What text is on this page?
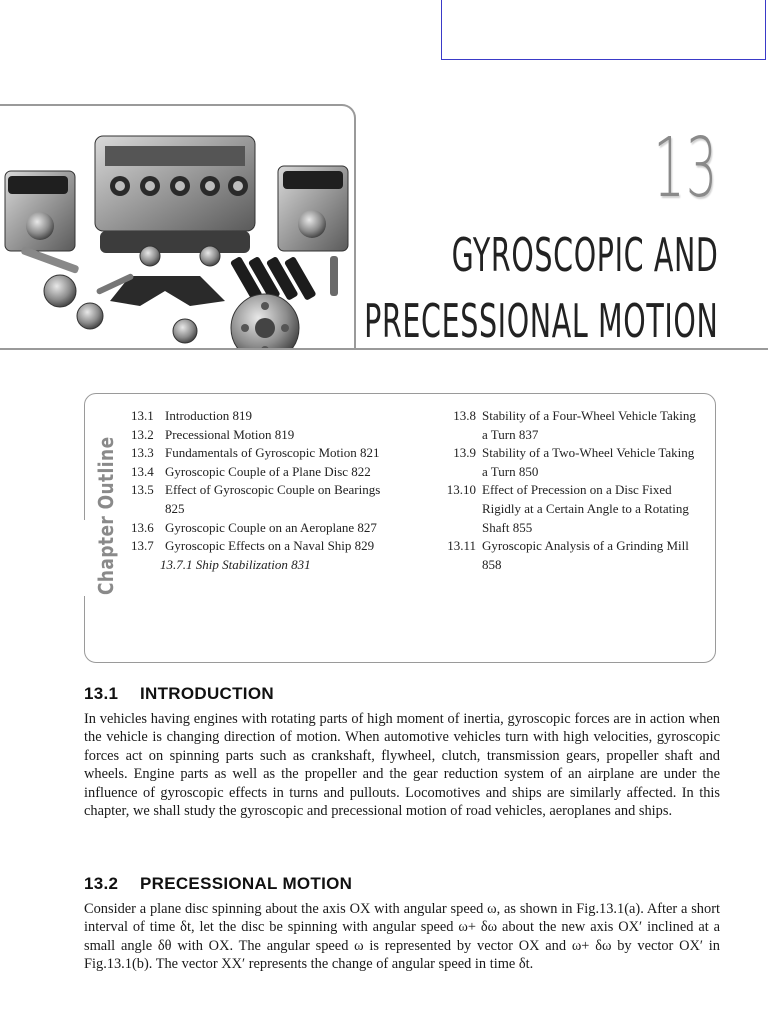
13
GYROSCOPIC AND
PRECESSIONAL MOTION
Chapter Outline
13.1 Introduction 819
13.2 Precessional Motion 819
13.3 Fundamentals of Gyroscopic Motion 821
13.4 Gyroscopic Couple of a Plane Disc 822
13.5 Effect of Gyroscopic Couple on Bearings 825
13.6 Gyroscopic Couple on an Aeroplane 827
13.7 Gyroscopic Effects on a Naval Ship 829
13.7.1 Ship Stabilization 831
13.8 Stability of a Four-Wheel Vehicle Taking a Turn 837
13.9 Stability of a Two-Wheel Vehicle Taking a Turn 850
13.10 Effect of Precession on a Disc Fixed Rigidly at a Certain Angle to a Rotating Shaft 855
13.11 Gyroscopic Analysis of a Grinding Mill 858
13.1 INTRODUCTION
In vehicles having engines with rotating parts of high moment of inertia, gyroscopic forces are in action when the vehicle is changing direction of motion. When automotive vehicles turn with high velocities, gyroscopic forces act on spinning parts such as crankshaft, flywheel, clutch, transmission gears, propeller shaft and wheels. Engine parts as well as the propeller and the gear reduction system of an airplane are under the influence of gyroscopic effects in turns and pullouts. Locomotives and ships are similarly affected. In this chapter, we shall study the gyroscopic and precessional motion of road vehicles, aeroplanes and ships.
13.2 PRECESSIONAL MOTION
Consider a plane disc spinning about the axis OX with angular speed ω, as shown in Fig.13.1(a). After a short interval of time δt, let the disc be spinning with angular speed ω+ δω about the new axis OX′ inclined at a small angle δθ with OX. The angular speed ω is represented by vector OX and ω+ δω by vector OX′ in Fig.13.1(b). The vector XX′ represents the change of angular speed in time δt.
